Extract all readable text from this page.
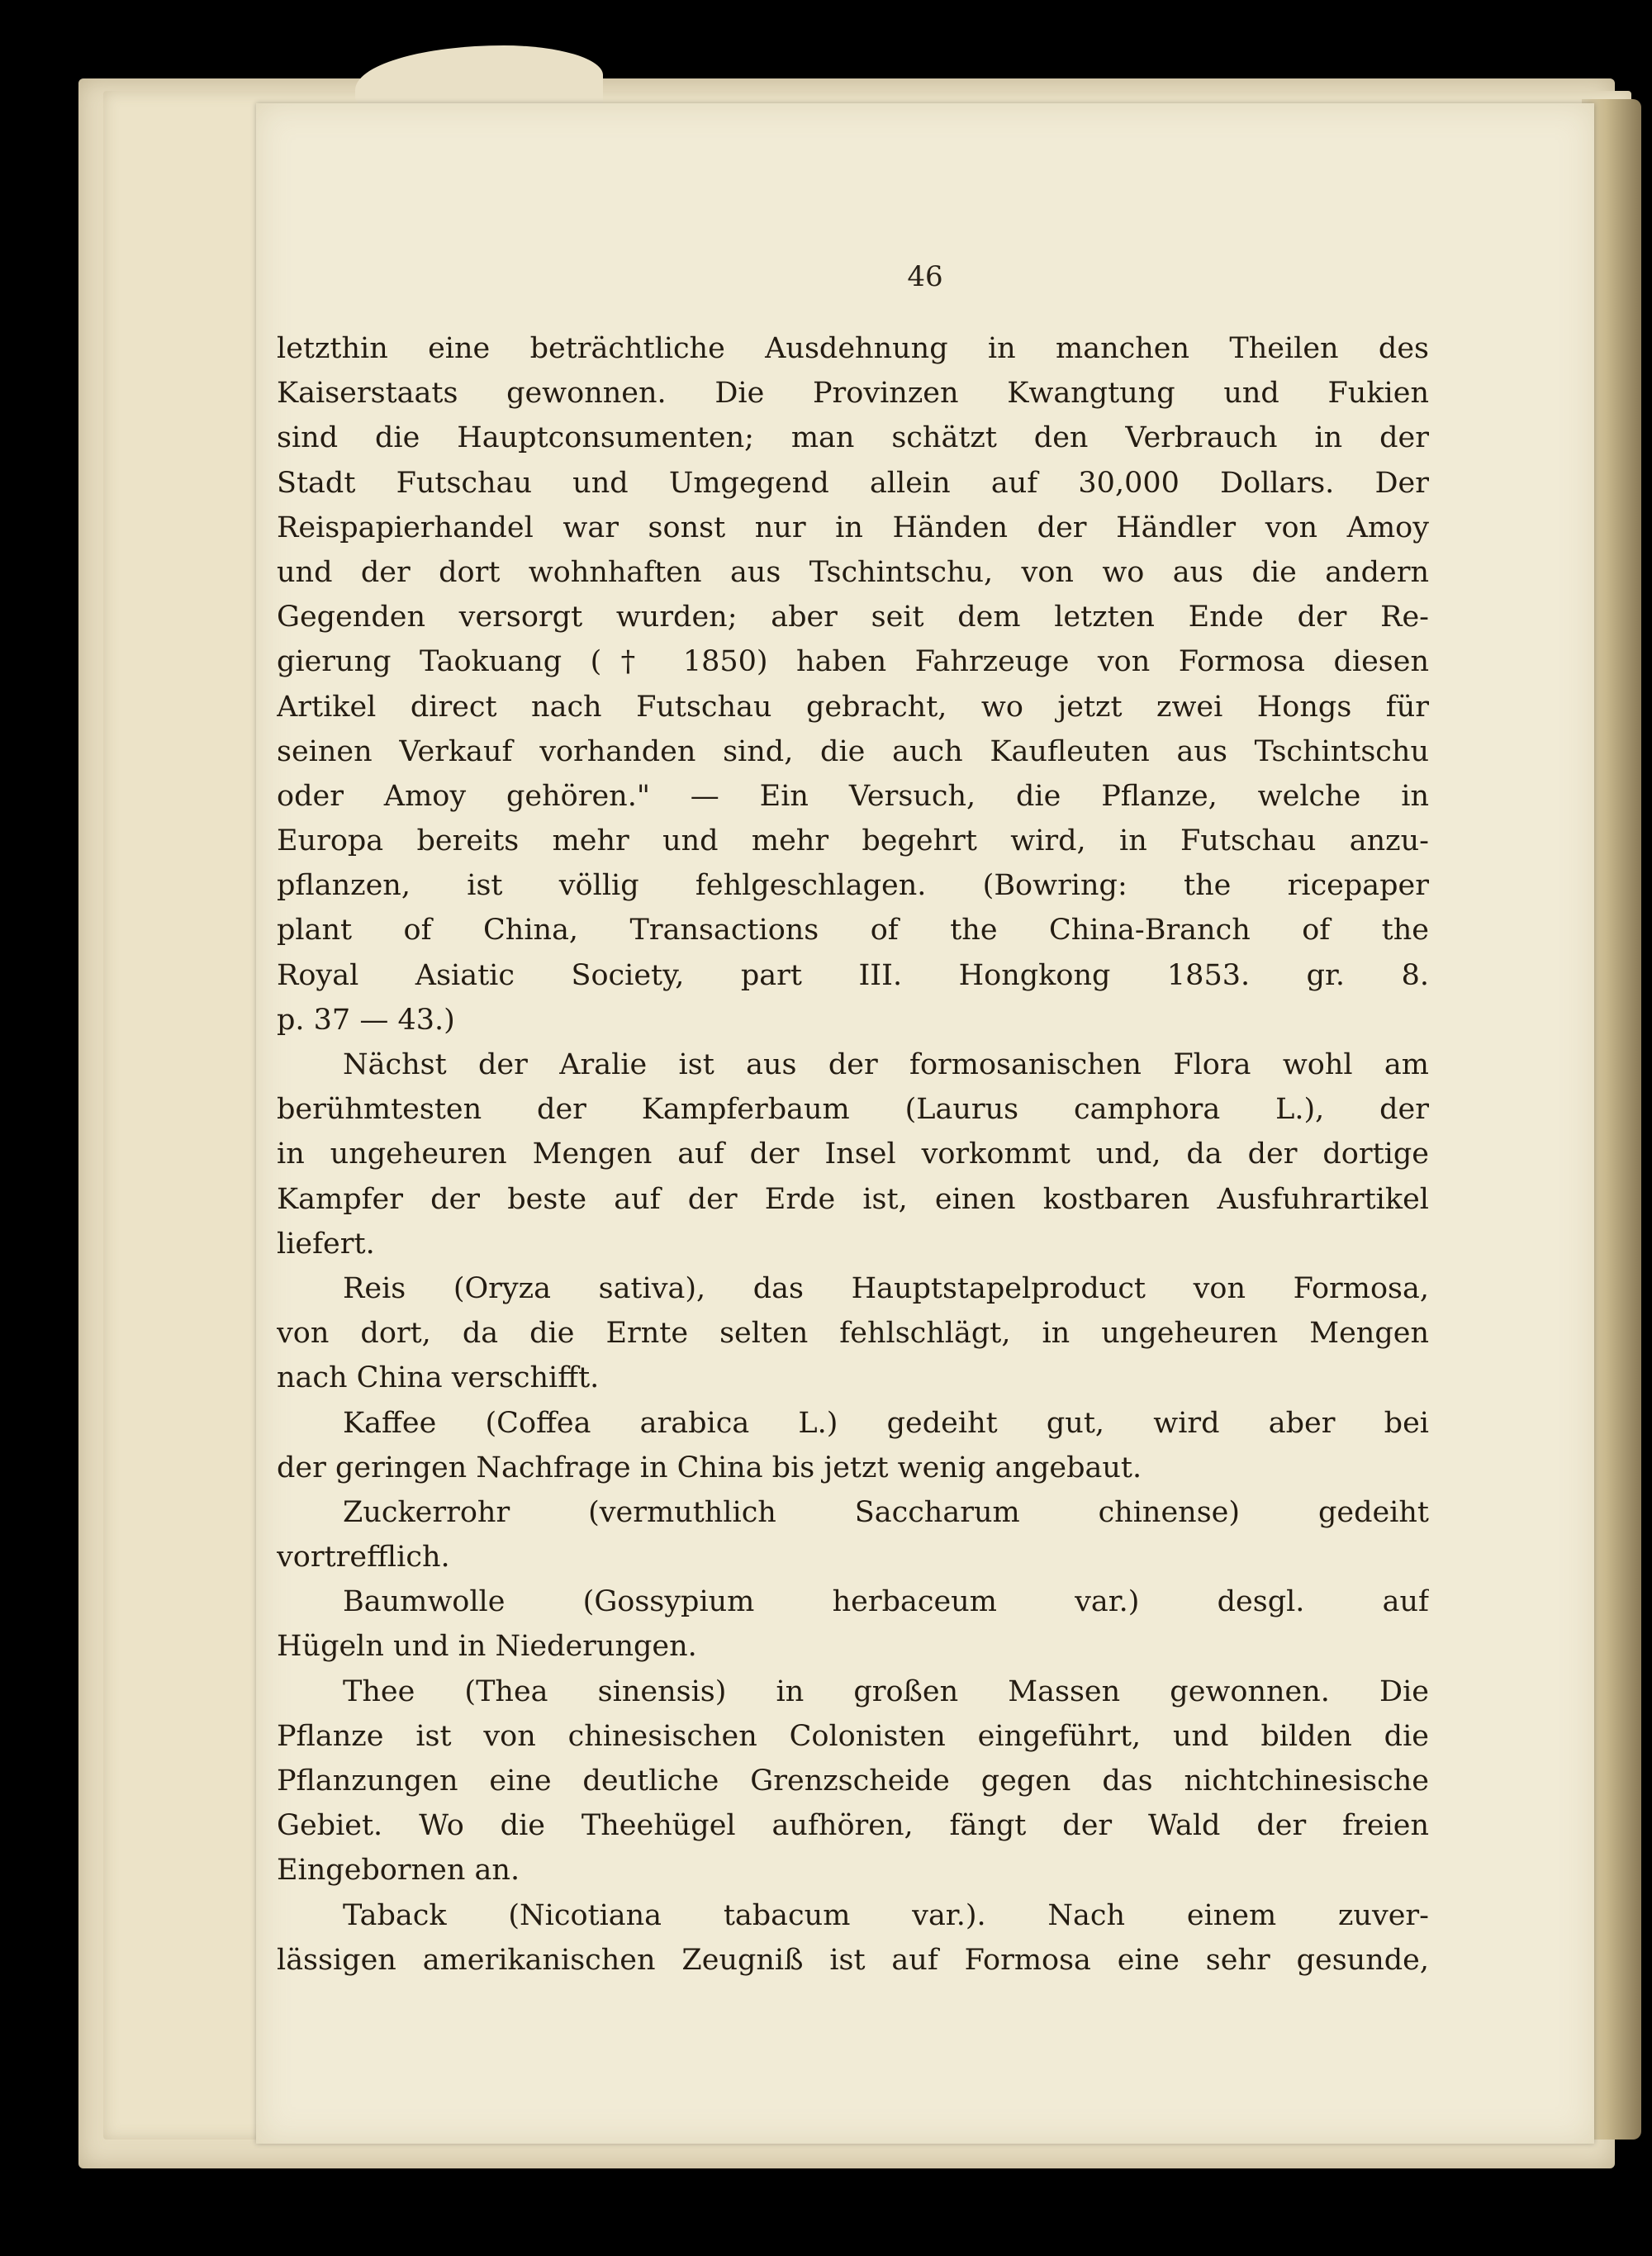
46
letzthin eine beträchtliche Ausdehnung in manchen Theilen des
Kaiserstaats gewonnen. Die Provinzen Kwangtung und Fukien
sind die Hauptconsumenten; man schätzt den Verbrauch in der
Stadt Futschau und Umgegend allein auf 30,000 Dollars. Der
Reispapierhandel war sonst nur in Händen der Händler von Amoy
und der dort wohnhaften aus Tschintschu, von wo aus die andern
Gegenden versorgt wurden; aber seit dem letzten Ende der Re-
gierung Taokuang († 1850) haben Fahrzeuge von Formosa diesen
Artikel direct nach Futschau gebracht, wo jetzt zwei Hongs für
seinen Verkauf vorhanden sind, die auch Kaufleuten aus Tschintschu
oder Amoy gehören." — Ein Versuch, die Pflanze, welche in
Europa bereits mehr und mehr begehrt wird, in Futschau anzu-
pflanzen, ist völlig fehlgeschlagen. (Bowring: the ricepaper
plant of China, Transactions of the China-Branch of the
Royal Asiatic Society, part III. Hongkong 1853. gr. 8.
p. 37 — 43.)
Nächst der Aralie ist aus der formosanischen Flora wohl am
berühmtesten der Kampferbaum (Laurus camphora L.), der
in ungeheuren Mengen auf der Insel vorkommt und, da der dortige
Kampfer der beste auf der Erde ist, einen kostbaren Ausfuhrartikel
liefert.
Reis (Oryza sativa), das Hauptstapelproduct von Formosa,
von dort, da die Ernte selten fehlschlägt, in ungeheuren Mengen
nach China verschifft.
Kaffee (Coffea arabica L.) gedeiht gut, wird aber bei
der geringen Nachfrage in China bis jetzt wenig angebaut.
Zuckerrohr (vermuthlich Saccharum chinense) gedeiht
vortrefflich.
Baumwolle (Gossypium herbaceum var.) desgl. auf
Hügeln und in Niederungen.
Thee (Thea sinensis) in großen Massen gewonnen. Die
Pflanze ist von chinesischen Colonisten eingeführt, und bilden die
Pflanzungen eine deutliche Grenzscheide gegen das nichtchinesische
Gebiet. Wo die Theehügel aufhören, fängt der Wald der freien
Eingebornen an.
Taback (Nicotiana tabacum var.). Nach einem zuver-
lässigen amerikanischen Zeugniß ist auf Formosa eine sehr gesunde,
